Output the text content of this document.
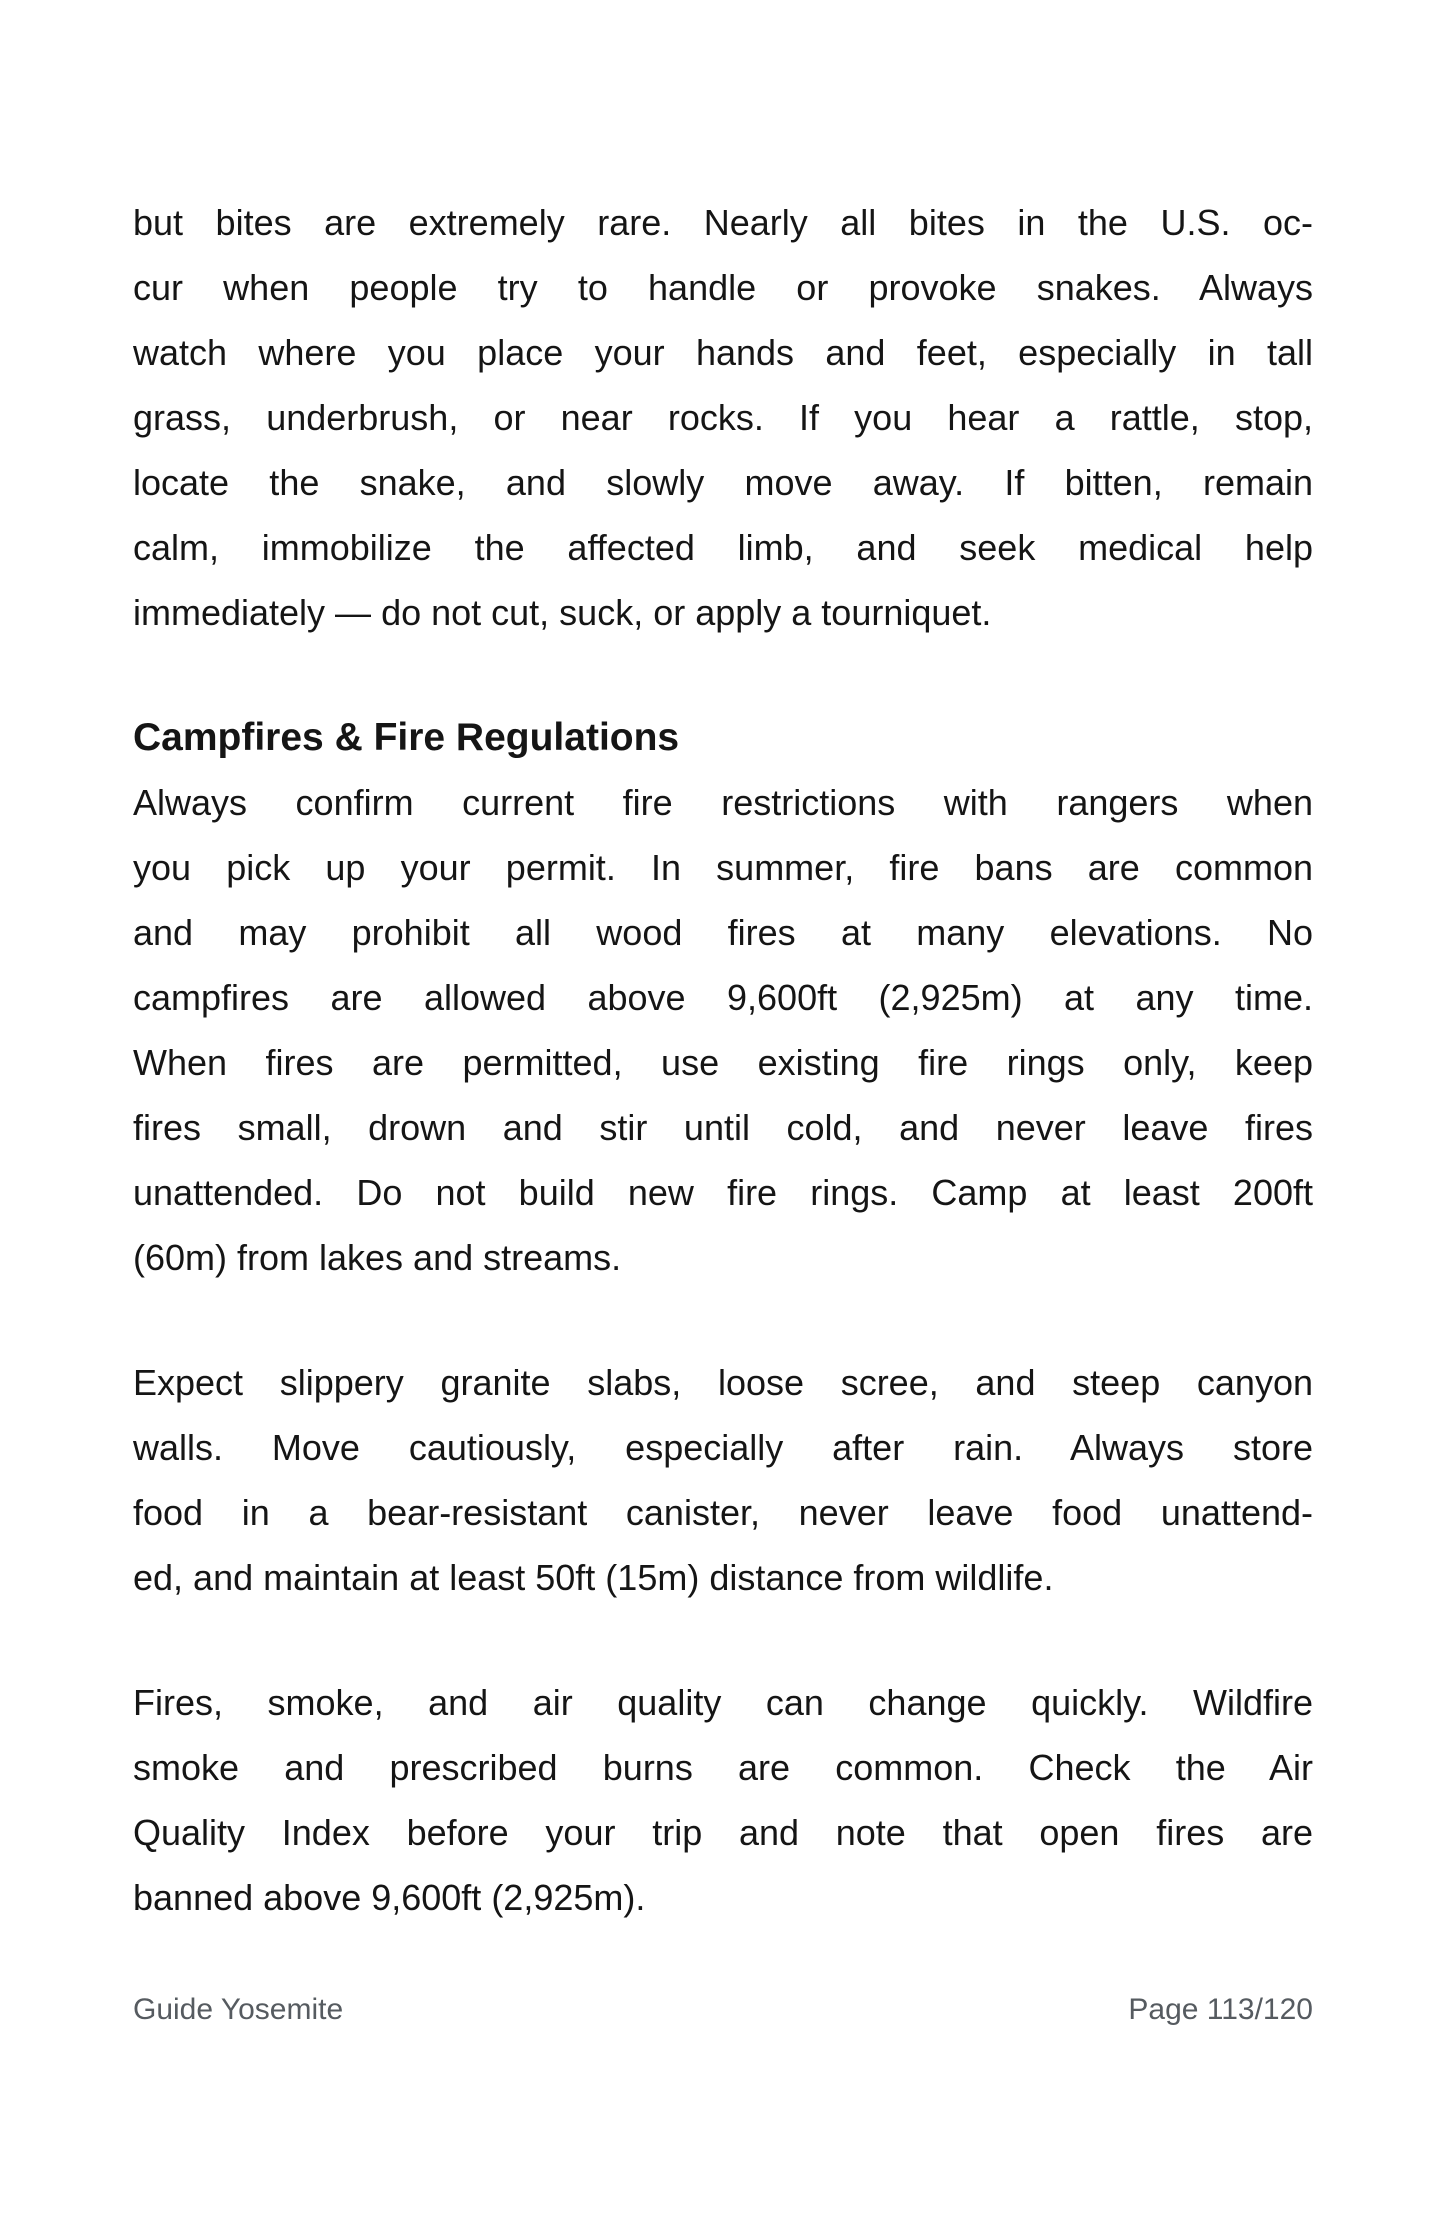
but bites are extremely rare. Nearly all bites in the U.S. oc-
cur when people try to handle or provoke snakes. Always
watch where you place your hands and feet, especially in tall
grass, underbrush, or near rocks. If you hear a rattle, stop,
locate the snake, and slowly move away. If bitten, remain
calm, immobilize the affected limb, and seek medical help
immediately — do not cut, suck, or apply a tourniquet.
Campfires & Fire Regulations
Always confirm current fire restrictions with rangers when
you pick up your permit. In summer, fire bans are common
and may prohibit all wood fires at many elevations. No
campfires are allowed above 9,600ft (2,925m) at any time.
When fires are permitted, use existing fire rings only, keep
fires small, drown and stir until cold, and never leave fires
unattended. Do not build new fire rings. Camp at least 200ft
(60m) from lakes and streams.
Expect slippery granite slabs, loose scree, and steep canyon
walls. Move cautiously, especially after rain. Always store
food in a bear-resistant canister, never leave food unattend-
ed, and maintain at least 50ft (15m) distance from wildlife.
Fires, smoke, and air quality can change quickly. Wildfire
smoke and prescribed burns are common. Check the Air
Quality Index before your trip and note that open fires are
banned above 9,600ft (2,925m).
Guide Yosemite	Page 113/120
